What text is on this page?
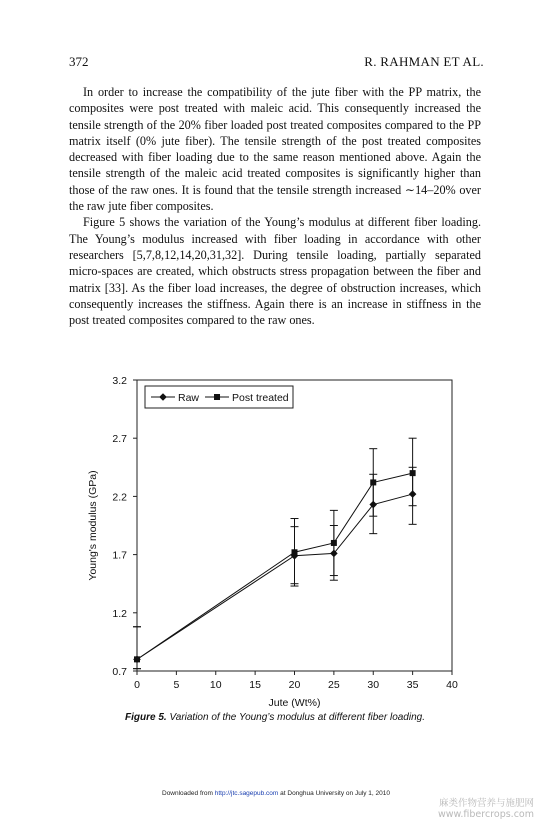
372	R. RAHMAN ET AL.

In order to increase the compatibility of the jute fiber with the PP matrix, the composites were post treated with maleic acid. This consequently increased the tensile strength of the 20% fiber loaded post treated composites compared to the PP matrix itself (0% jute fiber). The tensile strength of the post treated composites decreased with fiber loading due to the same reason mentioned above. Again the tensile strength of the maleic acid treated composites is significantly higher than those of the raw ones. It is found that the tensile strength increased ∼14–20% over the raw jute fiber composites.

Figure 5 shows the variation of the Young’s modulus at different fiber loading. The Young’s modulus increased with fiber loading in accordance with other researchers [5,7,8,12,14,20,31,32]. During tensile loading, partially separated micro-spaces are created, which obstructs stress propagation between the fiber and matrix [33]. As the fiber load increases, the degree of obstruction increases, which consequently increases the stiffness. Again there is an increase in stiffness in the post treated composites compared to the raw ones.

0	5	10	15	20	25	30	35	40
0.7
1.2
1.7
2.2
2.7
3.2
Jute (Wt%)
Young's modulus (GPa)
Raw	Post treated
Figure 5. Variation of the Young’s modulus at different fiber loading.
Downloaded from http://jtc.sagepub.com at Donghua University on July 1, 2010
麻类作物营养与施肥网
www.fibercrops.com
